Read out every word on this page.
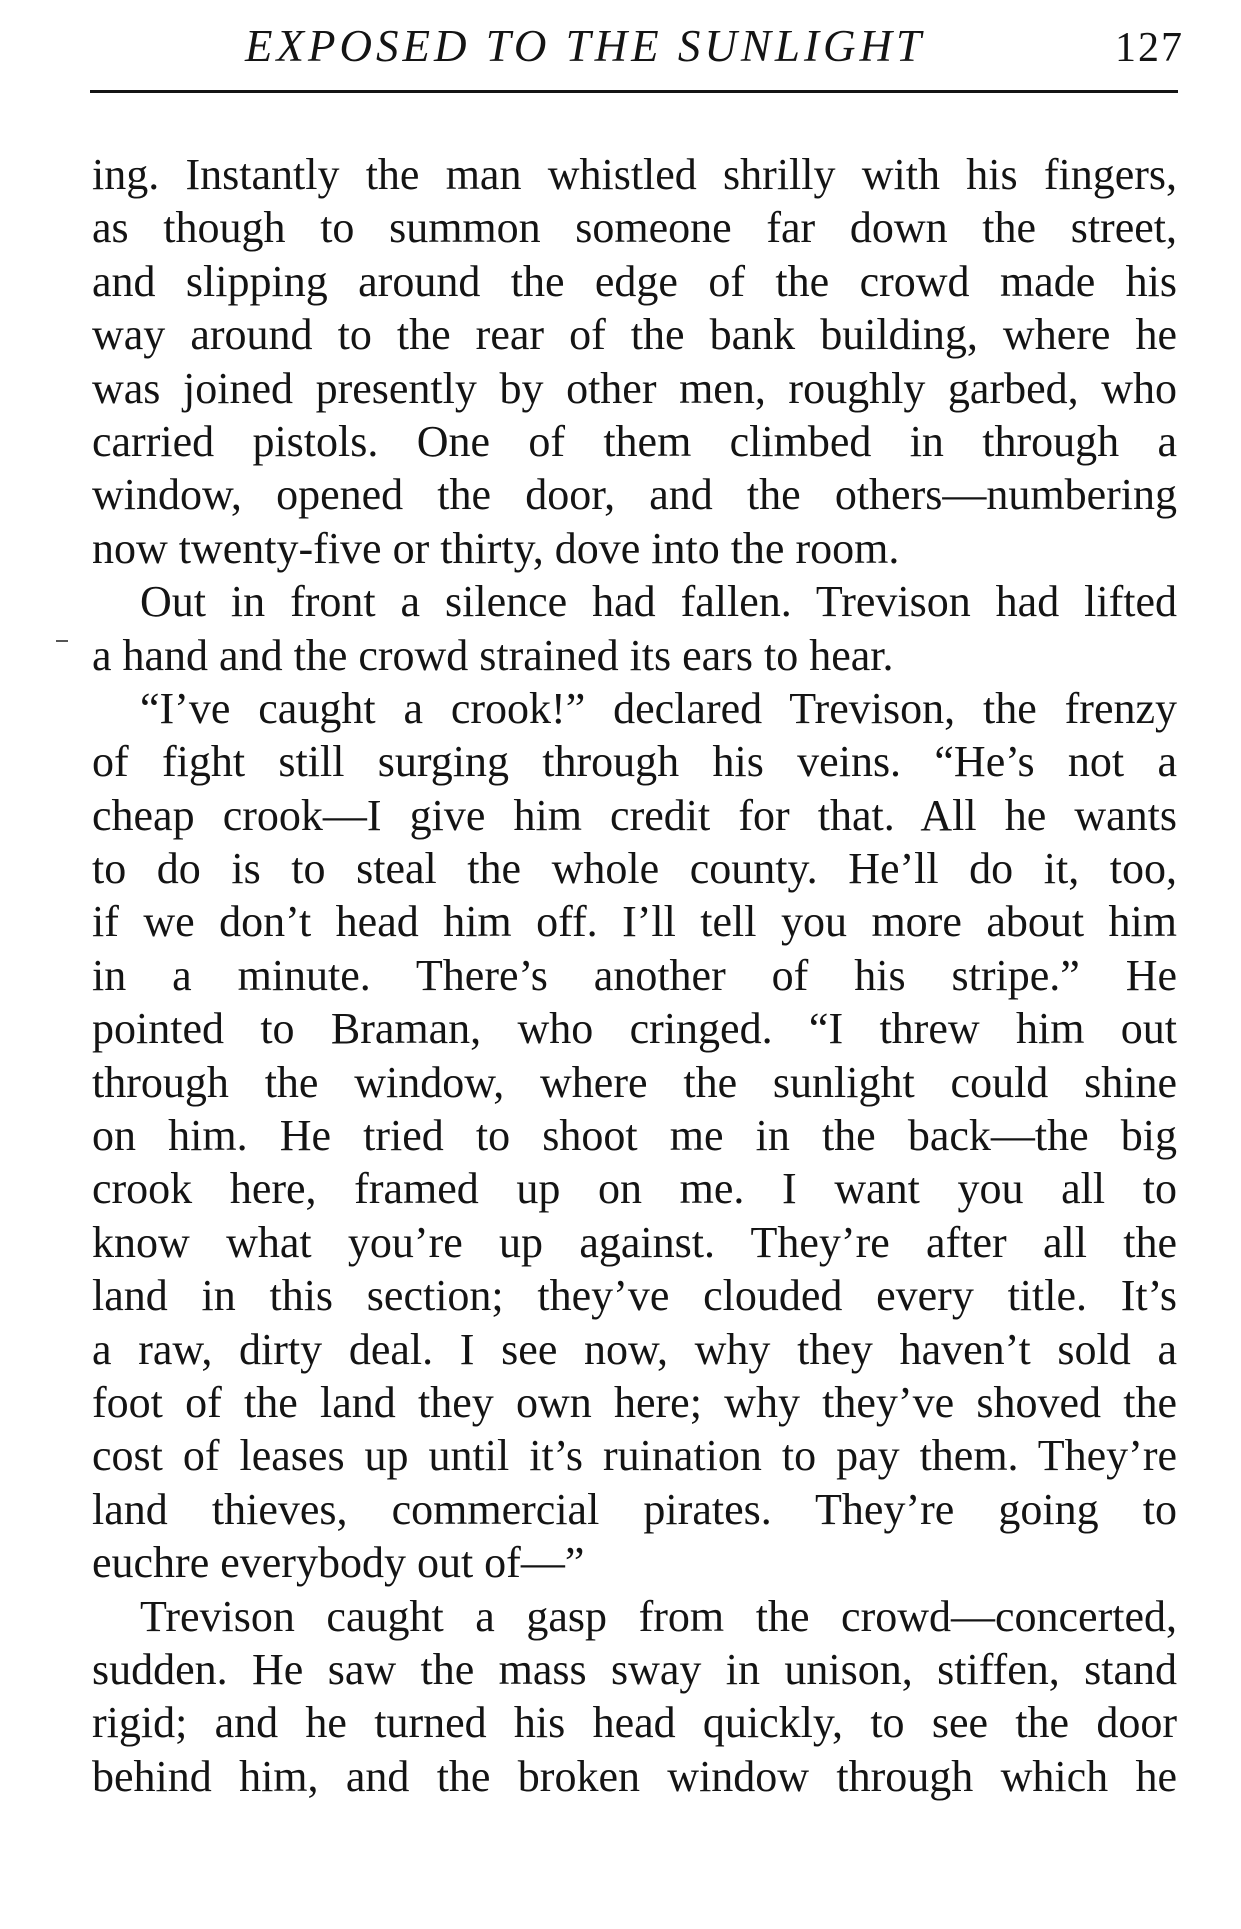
EXPOSED TO THE SUNLIGHT	127
ing. Instantly the man whistled shrilly with his fingers,
as though to summon someone far down the street,
and slipping around the edge of the crowd made his
way around to the rear of the bank building, where he
was joined presently by other men, roughly garbed, who
carried pistols. One of them climbed in through a
window, opened the door, and the others—numbering
now twenty-five or thirty, dove into the room.
Out in front a silence had fallen. Trevison had lifted
a hand and the crowd strained its ears to hear.
“I’ve caught a crook!” declared Trevison, the frenzy
of fight still surging through his veins. “He’s not a
cheap crook—I give him credit for that. All he wants
to do is to steal the whole county. He’ll do it, too,
if we don’t head him off. I’ll tell you more about him
in a minute. There’s another of his stripe.” He
pointed to Braman, who cringed. “I threw him out
through the window, where the sunlight could shine
on him. He tried to shoot me in the back—the big
crook here, framed up on me. I want you all to
know what you’re up against. They’re after all the
land in this section; they’ve clouded every title. It’s
a raw, dirty deal. I see now, why they haven’t sold a
foot of the land they own here; why they’ve shoved the
cost of leases up until it’s ruination to pay them. They’re
land thieves, commercial pirates. They’re going to
euchre everybody out of—”
Trevison caught a gasp from the crowd—concerted,
sudden. He saw the mass sway in unison, stiffen, stand
rigid; and he turned his head quickly, to see the door
behind him, and the broken window through which he
